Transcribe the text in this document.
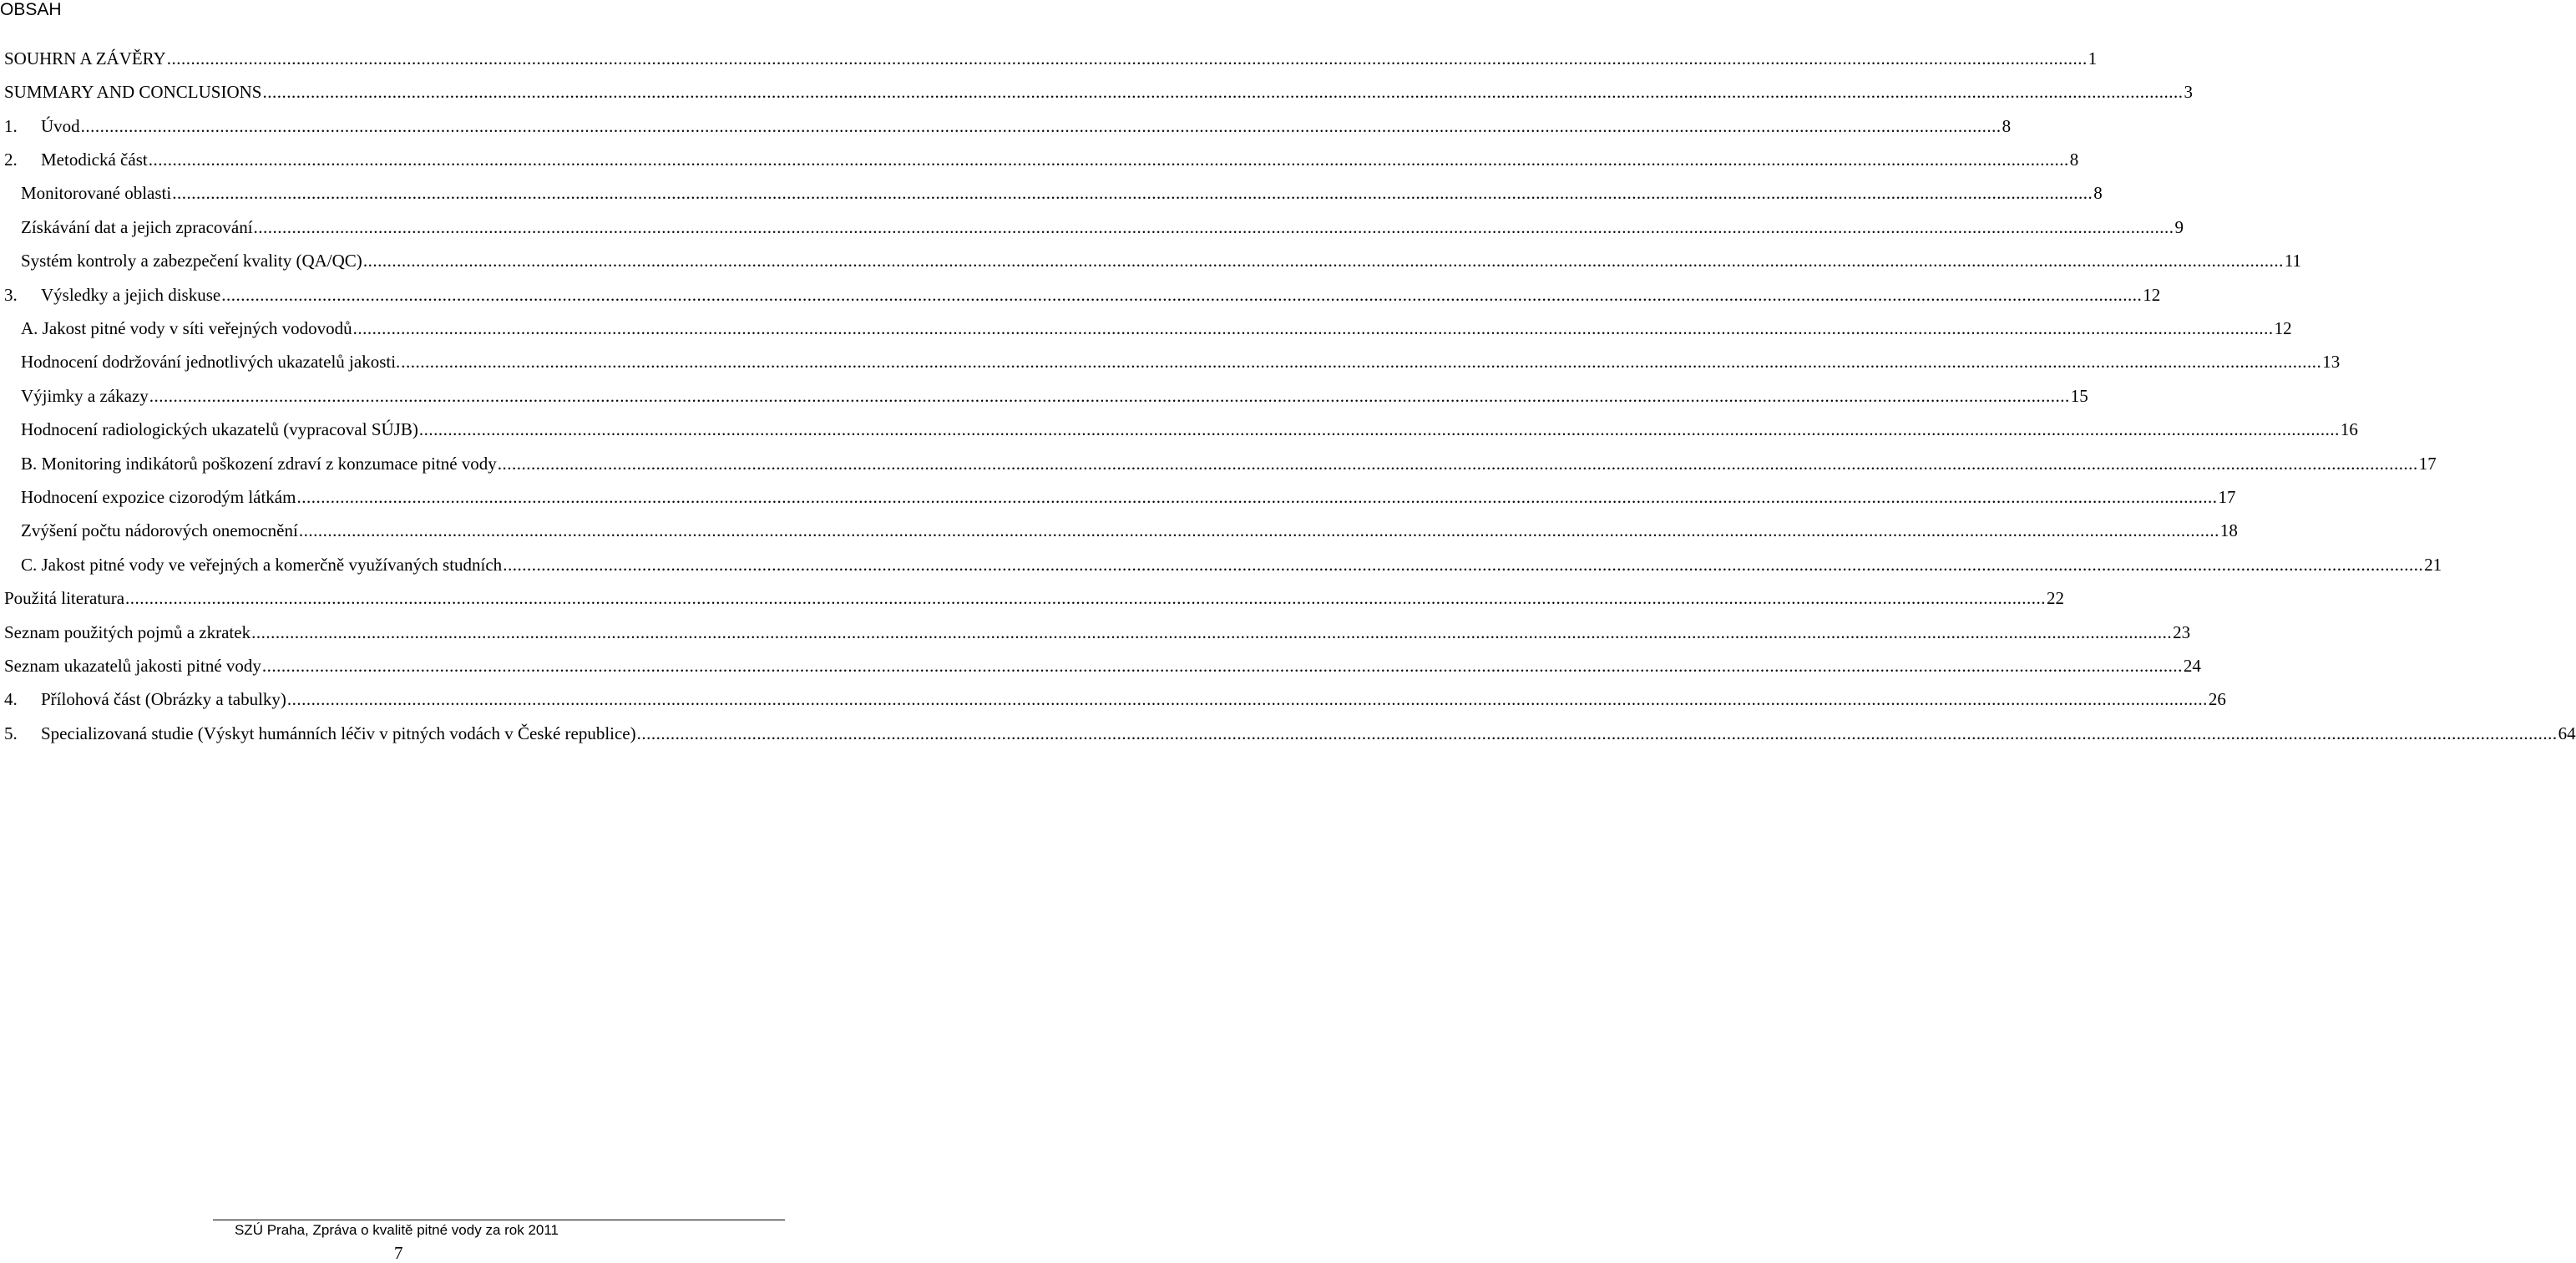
OBSAH
SOUHRN A ZÁVĚRY ................................................................................................................................................................................................................................................................................................................................................................................................................ 1
SUMMARY AND CONCLUSIONS ................................................................................................................................................................................................................................................................................................................................................................................................................ 3
1.	Úvod ................................................................................................................................................................................................................................................................................................................................................................................................................ 8
2.	Metodická část ................................................................................................................................................................................................................................................................................................................................................................................................................ 8
Monitorované oblasti ................................................................................................................................................................................................................................................................................................................................................................................................................ 8
Získávání dat a jejich zpracování ................................................................................................................................................................................................................................................................................................................................................................................................................ 9
Systém kontroly a zabezpečení kvality (QA/QC) ................................................................................................................................................................................................................................................................................................................................................................................................................ 11
3.	Výsledky a jejich diskuse ................................................................................................................................................................................................................................................................................................................................................................................................................ 12
A. Jakost pitné vody v síti veřejných vodovodů ................................................................................................................................................................................................................................................................................................................................................................................................................ 12
Hodnocení dodržování jednotlivých ukazatelů jakosti. ................................................................................................................................................................................................................................................................................................................................................................................................................ 13
Výjimky a zákazy ................................................................................................................................................................................................................................................................................................................................................................................................................ 15
Hodnocení radiologických ukazatelů (vypracoval SÚJB) ................................................................................................................................................................................................................................................................................................................................................................................................................ 16
B. Monitoring indikátorů poškození zdraví z konzumace pitné vody ................................................................................................................................................................................................................................................................................................................................................................................................................ 17
Hodnocení expozice cizorodým látkám ................................................................................................................................................................................................................................................................................................................................................................................................................ 17
Zvýšení počtu nádorových onemocnění ................................................................................................................................................................................................................................................................................................................................................................................................................ 18
C. Jakost pitné vody ve veřejných a komerčně využívaných studních ................................................................................................................................................................................................................................................................................................................................................................................................................ 21
Použitá literatura ................................................................................................................................................................................................................................................................................................................................................................................................................ 22
Seznam použitých pojmů a zkratek ................................................................................................................................................................................................................................................................................................................................................................................................................ 23
Seznam ukazatelů jakosti pitné vody ................................................................................................................................................................................................................................................................................................................................................................................................................ 24
4.	Přílohová část (Obrázky a tabulky) ................................................................................................................................................................................................................................................................................................................................................................................................................ 26
5.	Specializovaná studie (Výskyt humánních léčiv v pitných vodách v České republice) ................................................................................................................................................................................................................................................................................................................................................................................................................ 64
SZÚ Praha, Zpráva o kvalitě pitné vody za rok 2011
7
